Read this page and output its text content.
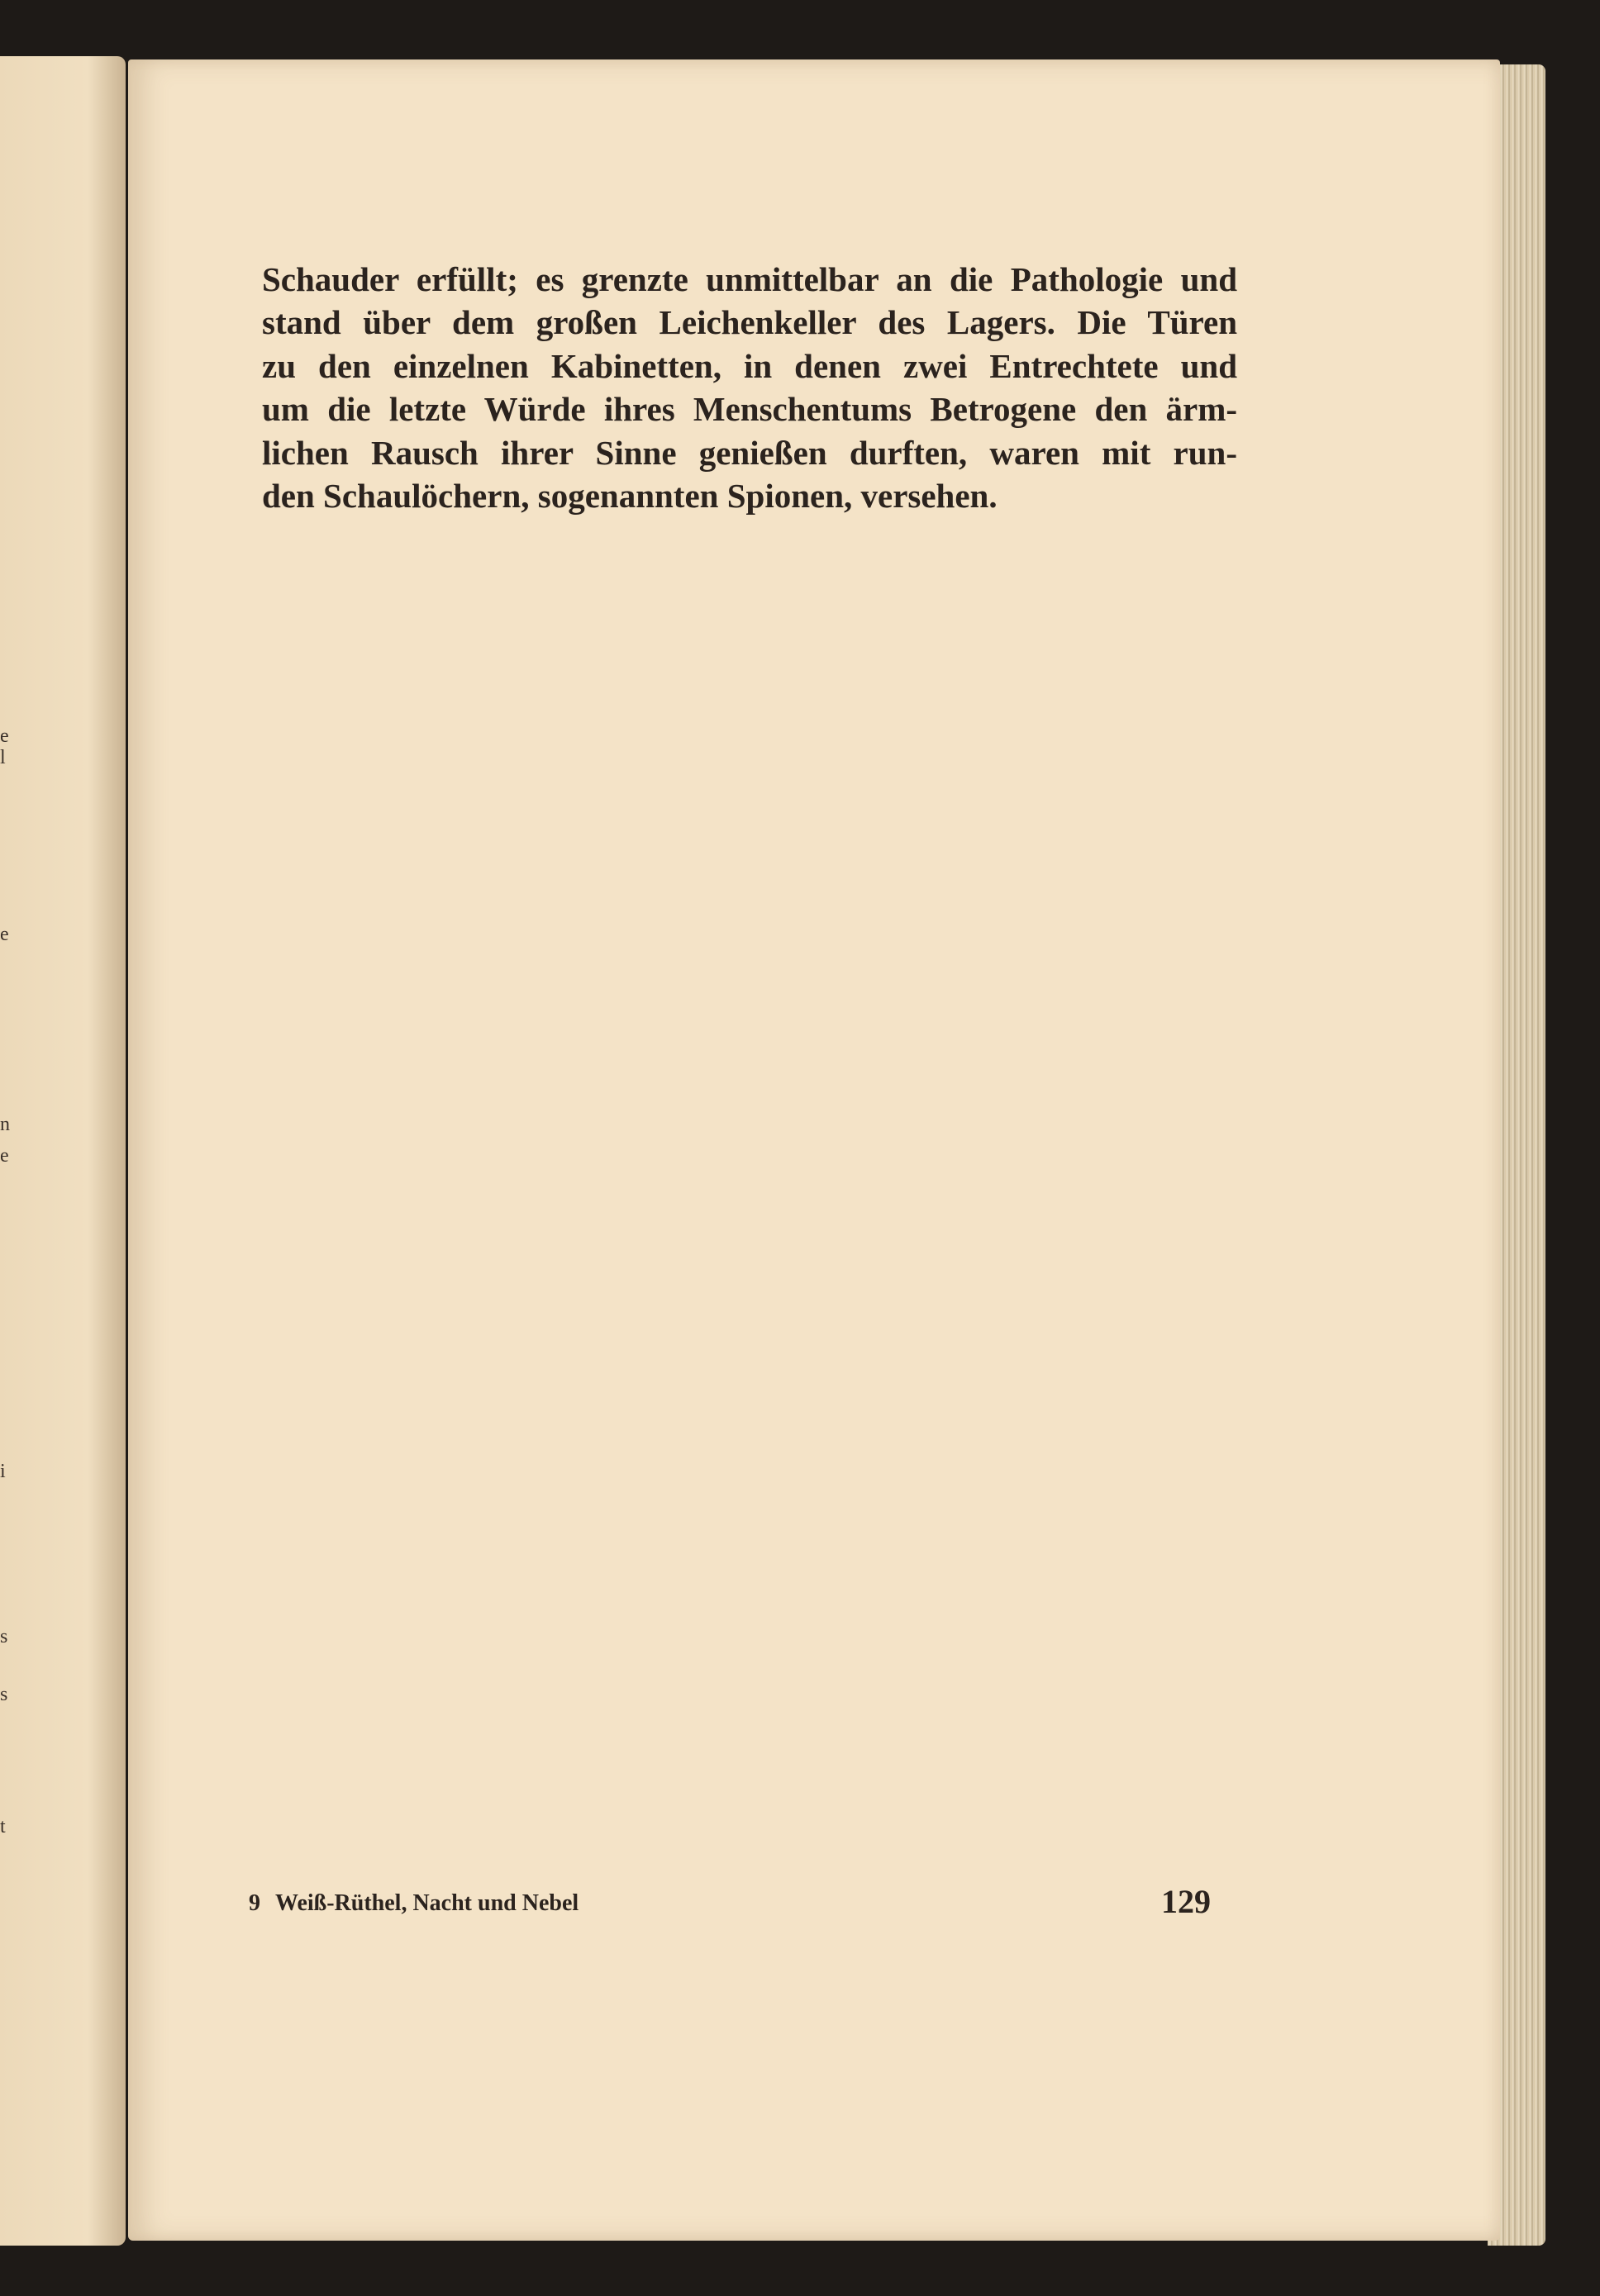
e
l
e
n
e
i
s
s
t

Schauder erfüllt; es grenzte unmittelbar an die Pathologie und
stand über dem großen Leichenkeller des Lagers. Die Türen
zu den einzelnen Kabinetten, in denen zwei Entrechtete und
um die letzte Würde ihres Menschentums Betrogene den ärm-
lichen Rausch ihrer Sinne genießen durften, waren mit run-
den Schaulöchern, sogenannten Spionen, versehen.

9 Weiß-Rüthel, Nacht und Nebel	129
